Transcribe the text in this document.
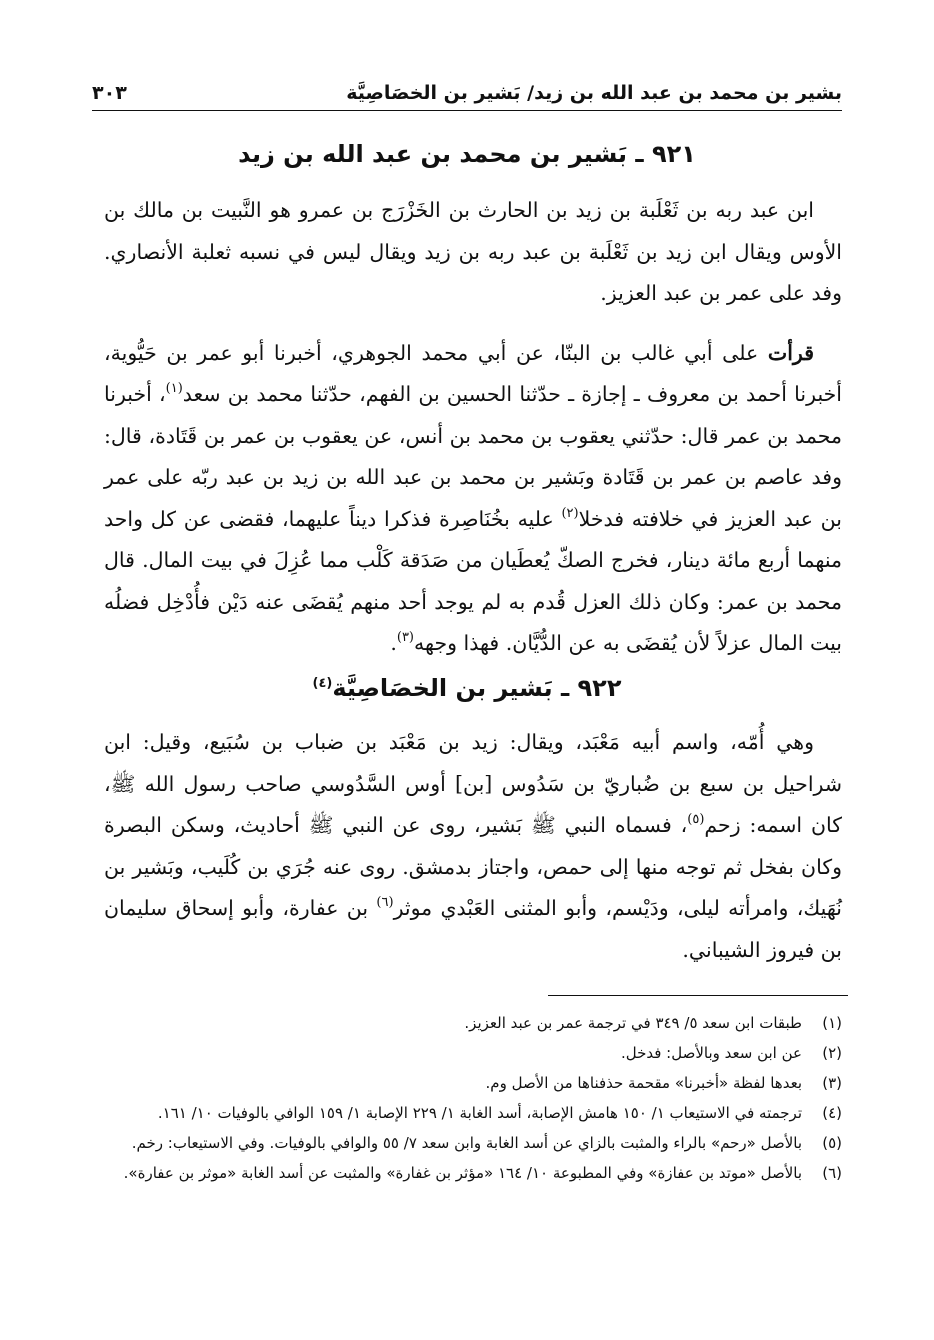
بشير بن محمد بن عبد الله بن زيد/ بَشير بن الخصَاصِيَّة
٣٠٣
٩٢١ ـ بَشير بن محمد بن عبد الله بن زيد

ابن عبد ربه بن ثَعْلَبة بن زيد بن الحارث بن الخَزْرَج بن عمرو هو النَّبيت بن مالك بن الأوس ويقال ابن زيد بن ثَعْلَبة بن عبد ربه بن زيد ويقال ليس في نسبه ثعلبة الأنصاري. وفد على عمر بن عبد العزيز.

قرأت على أبي غالب بن البنّا، عن أبي محمد الجوهري، أخبرنا أبو عمر بن حَيُّوية، أخبرنا أحمد بن معروف ـ إجازة ـ حدّثنا الحسين بن الفهم، حدّثنا محمد بن سعد$^{(١)}$، أخبرنا محمد بن عمر قال: حدّثني يعقوب بن محمد بن أنس، عن يعقوب بن عمر بن قَتَادة، قال: وفد عاصم بن عمر بن قَتَادة وبَشير بن محمد بن عبد الله بن زيد بن عبد ربّه على عمر بن عبد العزيز في خلافته فدخلا$^{(٢)}$ عليه بخُنَاصِرة فذكرا ديناً عليهما، فقضى عن كل واحد منهما أربع مائة دينار، فخرج الصكّ يُعطَيان من صَدَقة كَلْب مما عُزِلَ في بيت المال. قال محمد بن عمر: وكان ذلك العزل قُدم به لم يوجد أحد منهم يُقضَى عنه دَيْن فأُدْخِل فضلُه بيت المال عزلاً لأن يُقضَى به عن الدُّيَّان. فهذا وجهه$^{(٣)}$.

٩٢٢ ـ بَشير بن الخصَاصِيَّة$^{(٤)}$

وهي أُمّه، واسم أبيه مَعْبَد، ويقال: زيد بن مَعْبَد بن ضباب بن سُبَيع، وقيل: ابن شراحيل بن سبع بن ضُباريّ بن سَدُوس [بن] أوس السَّدُوسي صاحب رسول الله ﷺ، كان اسمه: زحم$^{(٥)}$، فسماه النبي ﷺ بَشير، روى عن النبي ﷺ أحاديث، وسكن البصرة وكان بفخل ثم توجه منها إلى حمص، واجتاز بدمشق. روى عنه جُرَي بن كُلَيب، وبَشير بن نُهَيك، وامرأته ليلى، ودَيْسم، وأبو المثنى العَبْدي موثر$^{(٦)}$ بن عفارة، وأبو إسحاق سليمان بن فيروز الشيباني.

(١)
طبقات ابن سعد ٥/ ٣٤٩ في ترجمة عمر بن عبد العزيز.
(٢)
عن ابن سعد وبالأصل: فدخل.
(٣)
بعدها لفظة «أخبرنا» مقحمة حذفناها من الأصل وم.
(٤)
ترجمته في الاستيعاب ١/ ١٥٠ هامش الإصابة، أسد الغابة ١/ ٢٢٩ الإصابة ١/ ١٥٩ الوافي بالوفيات ١٠/ ١٦١.
(٥)
بالأصل «رحم» بالراء والمثبت بالزاي عن أسد الغابة وابن سعد ٧/ ٥٥ والوافي بالوفيات. وفي الاستيعاب: رخم.
(٦)
بالأصل «موتد بن عفازة» وفي المطبوعة ١٠/ ١٦٤ «مؤثر بن غفارة» والمثبت عن أسد الغابة «موثر بن عفارة».
